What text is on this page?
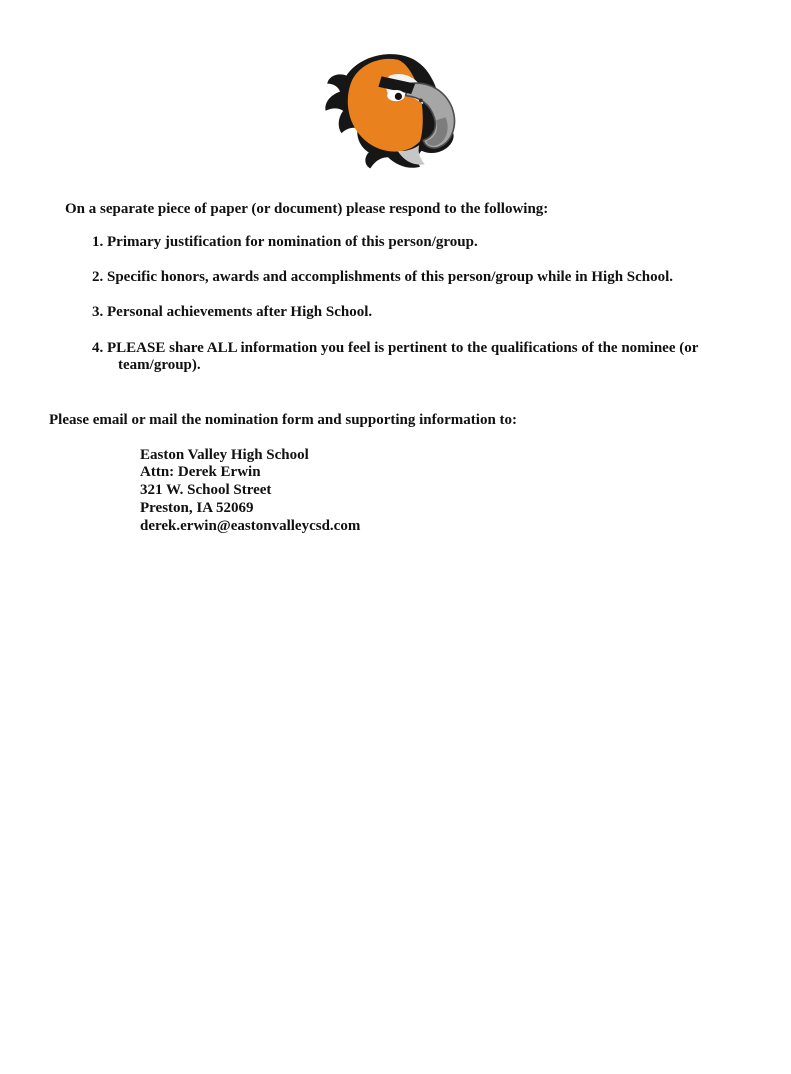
On a separate piece of paper (or document) please respond to the following:

1. Primary justification for nomination of this person/group.

2. Specific honors, awards and accomplishments of this person/group while in High School.

3. Personal achievements after High School.

4. PLEASE share ALL information you feel is pertinent to the qualifications of the nominee (or team/group).

Please email or mail the nomination form and supporting information to:

Easton Valley High School

Attn: Derek Erwin

321 W. School Street

Preston, IA 52069

derek.erwin@eastonvalleycsd.com
